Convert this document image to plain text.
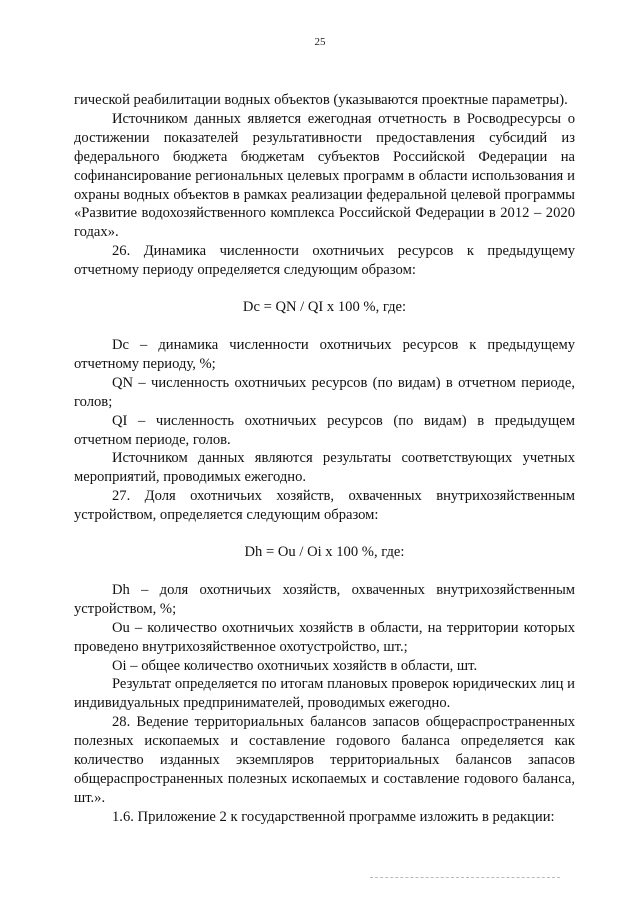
25

гической реабилитации водных объектов (указываются проектные параметры).

Источником данных является ежегодная отчетность в Росводресурсы о достижении показателей результативности предоставления субсидий из федерального бюджета бюджетам субъектов Российской Федерации на софинансирование региональных целевых программ в области использования и охраны водных объектов в рамках реализации федеральной целевой программы «Развитие водохозяйственного комплекса Российской Федерации в 2012 – 2020 годах».

26. Динамика численности охотничьих ресурсов к предыдущему отчетному периоду определяется следующим образом:

Dc = QN / QI x 100 %, где:

Dc – динамика численности охотничьих ресурсов к предыдущему отчетному периоду, %;

QN – численность охотничьих ресурсов (по видам) в отчетном периоде, голов;

QI – численность охотничьих ресурсов (по видам) в предыдущем отчетном периоде, голов.

Источником данных являются результаты соответствующих учетных мероприятий, проводимых ежегодно.

27. Доля охотничьих хозяйств, охваченных внутрихозяйственным устройством, определяется следующим образом:

Dh = Ou / Oi x 100 %, где:

Dh – доля охотничьих хозяйств, охваченных внутрихозяйственным устройством, %;

Ou – количество охотничьих хозяйств в области, на территории которых проведено внутрихозяйственное охотустройство, шт.;

Oi – общее количество охотничьих хозяйств в области, шт.

Результат определяется по итогам плановых проверок юридических лиц и индивидуальных предпринимателей, проводимых ежегодно.

28. Ведение территориальных балансов запасов общераспространенных полезных ископаемых и составление годового баланса определяется как количество изданных экземпляров территориальных балансов запасов общераспространенных полезных ископаемых и составление годового баланса, шт.».

1.6. Приложение 2 к государственной программе изложить в редакции:
